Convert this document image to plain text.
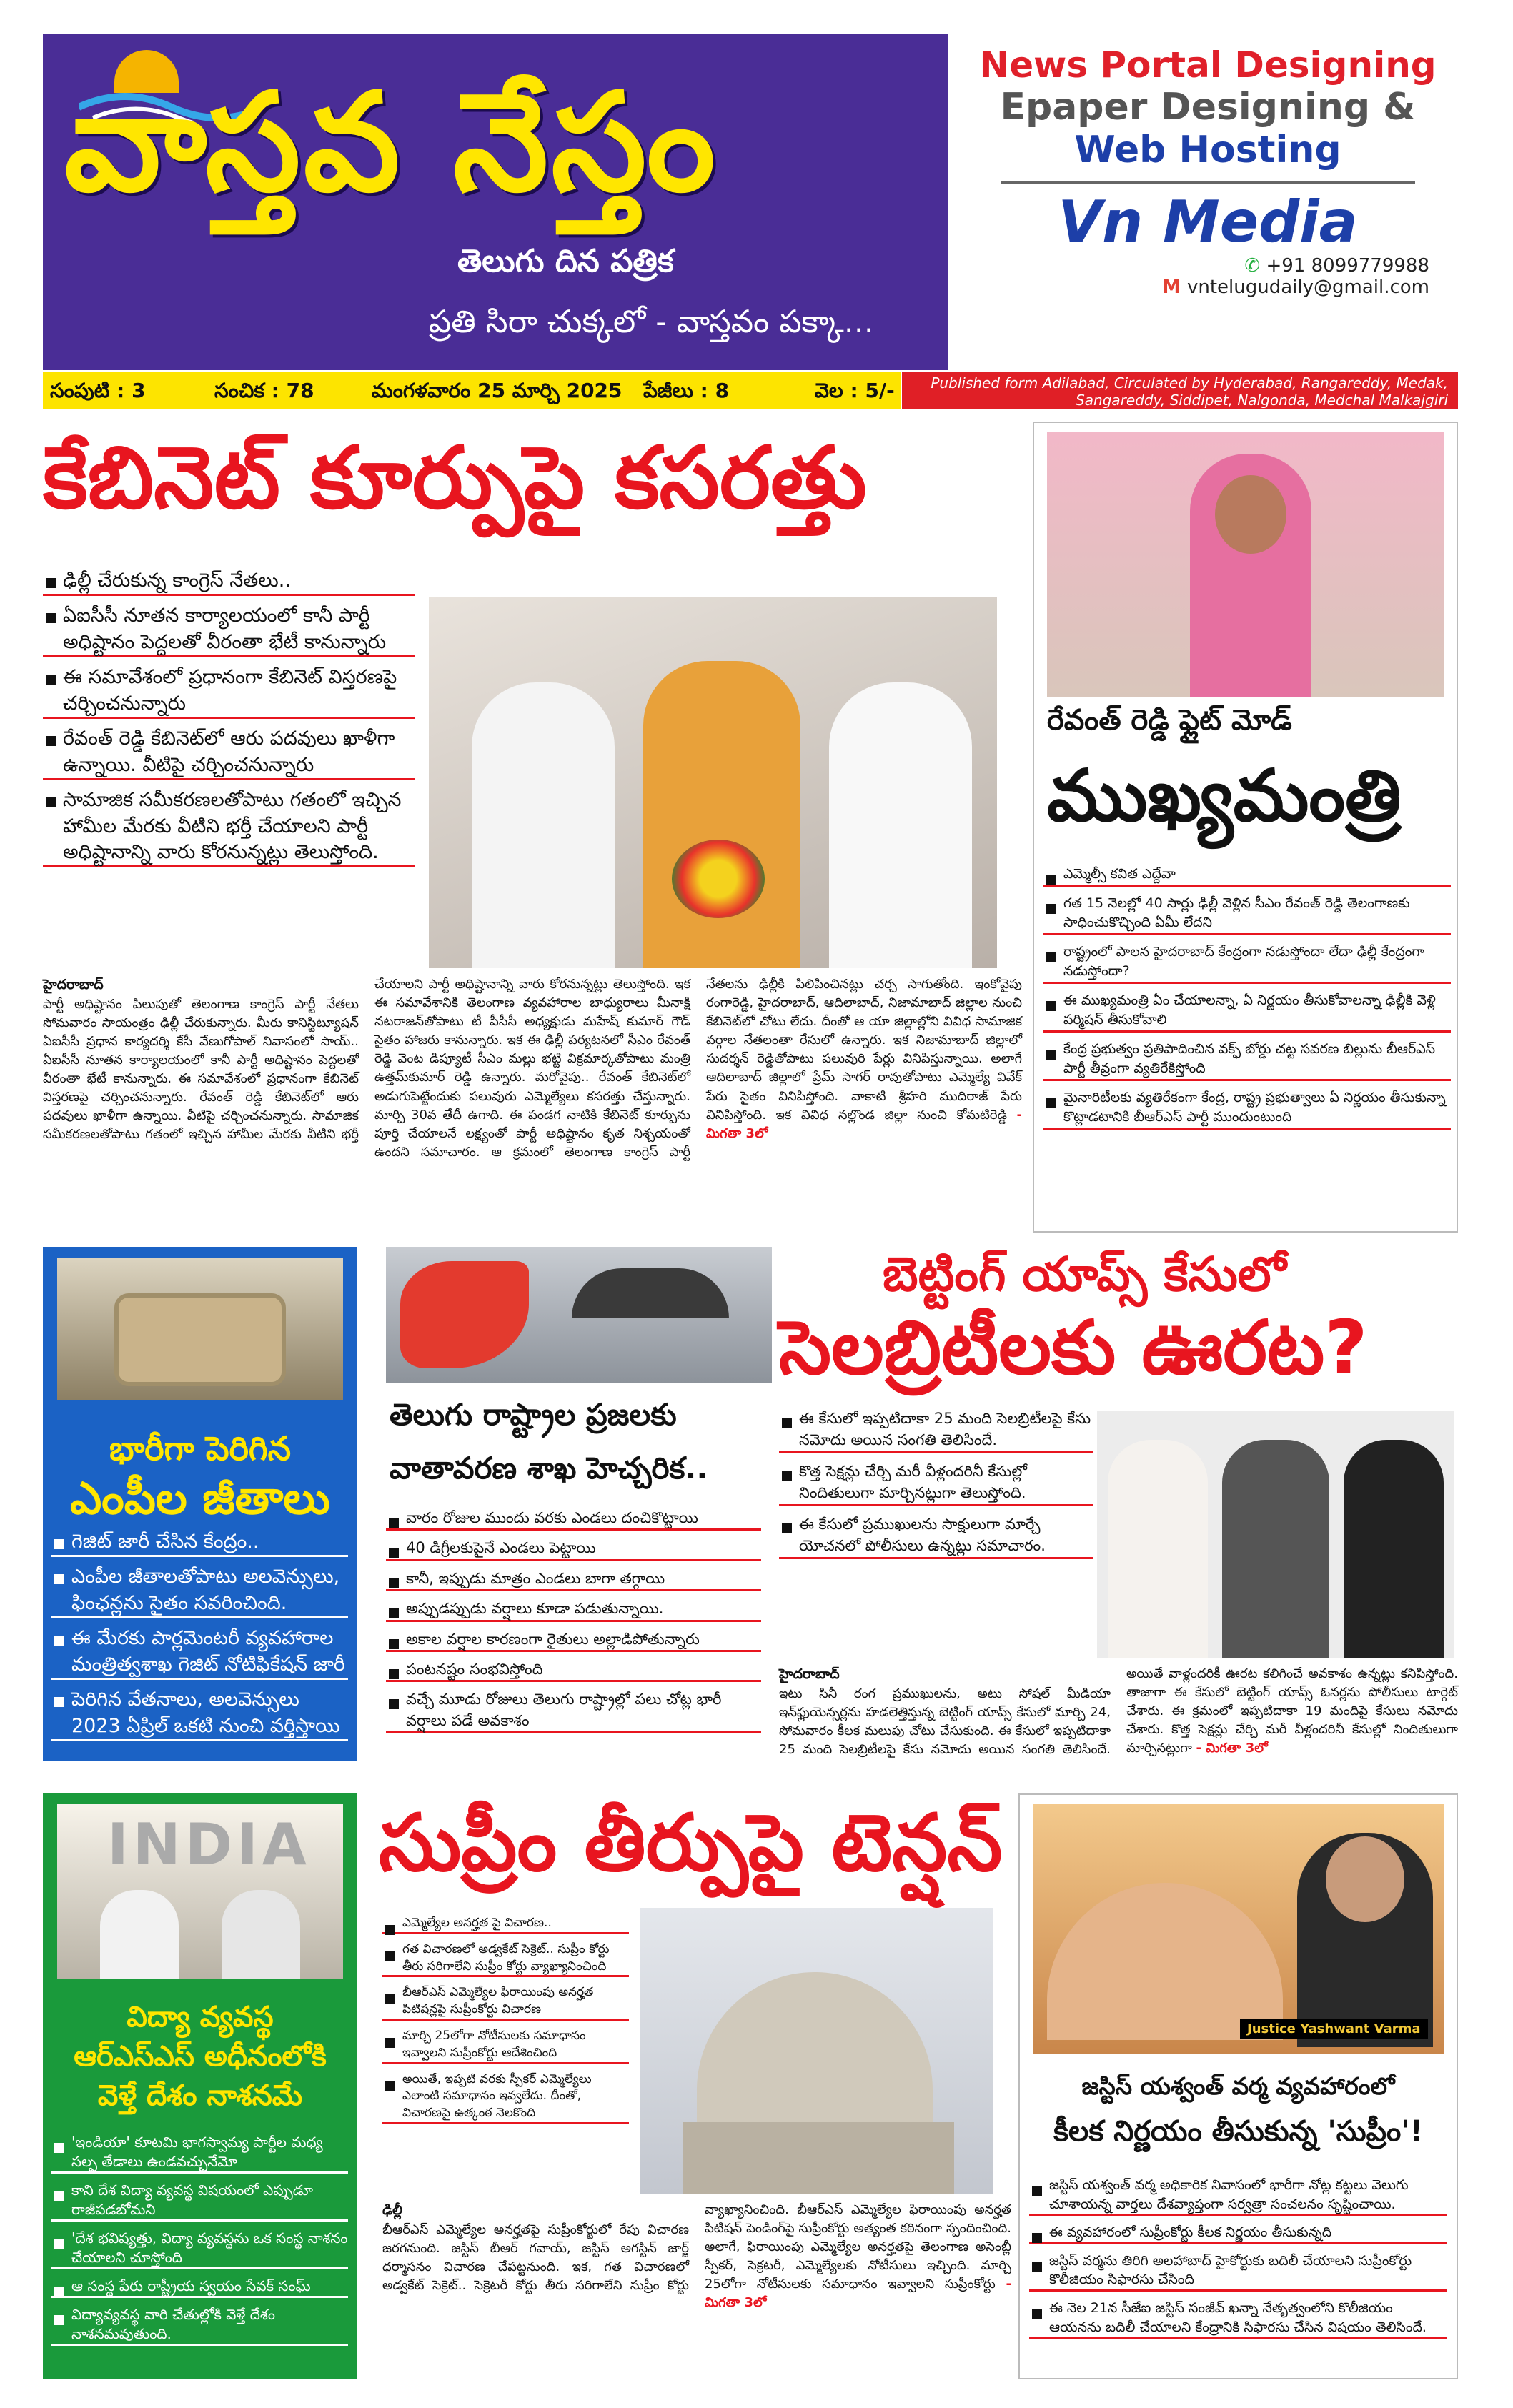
వాస్తవ నేస్తం
తెలుగు దిన పత్రిక
ప్రతి సిరా చుక్కలో - వాస్తవం పక్కా...
News Portal Designing
Epaper Designing &
Web Hosting
Vn Media
✆ +91 8099779988
M vntelugudaily@gmail.com
సంపుటి : 3	సంచిక : 78	మంగళవారం 25 మార్చి 2025 పేజీలు : 8	వెల : 5/-	Published form Adilabad, Circulated by Hyderabad, Rangareddy, Medak, Sangareddy, Siddipet, Nalgonda, Medchal Malkajgiri
కేబినెట్ కూర్పుపై కసరత్తు
ఢిల్లీ చేరుకున్న కాంగ్రెస్ నేతలు..
ఏఐసీసీ నూతన కార్యాలయంలో కానీ పార్టీ అధిష్టానం పెద్దలతో వీరంతా భేటీ కానున్నారు
ఈ సమావేశంలో ప్రధానంగా కేబినెట్ విస్తరణపై చర్చించనున్నారు
రేవంత్ రెడ్డి కేబినెట్‌లో ఆరు పదవులు ఖాళీగా ఉన్నాయి. వీటిపై చర్చించనున్నారు
సామాజిక సమీకరణలతోపాటు గతంలో ఇచ్చిన హామీల మేరకు వీటిని భర్తీ చేయాలని పార్టీ అధిష్టానాన్ని వారు కోరనున్నట్లు తెలుస్తోంది.
హైదరాబాద్
పార్టీ అధిష్టానం పిలుపుతో తెలంగాణ కాంగ్రెస్ పార్టీ నేతలు సోమవారం సాయంత్రం ఢిల్లీ చేరుకున్నారు. మీరు కానిస్టిట్యూషన్ ఏఐసీసీ ప్రధాన కార్యదర్శి కేసీ వేణుగోపాల్ నివాసంలో సాయ్.. ఏఐసీసీ నూతన కార్యాలయంలో కానీ పార్టీ అధిష్టానం పెద్దలతో వీరంతా భేటీ కానున్నారు. ఈ సమావేశంలో ప్రధానంగా కేబినెట్ విస్తరణపై చర్చించనున్నారు. రేవంత్ రెడ్డి కేబినెట్‌లో ఆరు పదవులు ఖాళీగా ఉన్నాయి. వీటిపై చర్చించనున్నారు. సామాజిక సమీకరణలతోపాటు గతంలో ఇచ్చిన హామీల మేరకు వీటిని భర్తీ చేయాలని పార్టీ అధిష్టానాన్ని వారు కోరనున్నట్లు తెలుస్తోంది. ఇక ఈ సమావేశానికి తెలంగాణ వ్యవహారాల బాధ్యురాలు మీనాక్షి నటరాజన్‌తోపాటు టీ పీసీసీ అధ్యక్షుడు మహేష్ కుమార్ గౌడ్ సైతం హాజరు కానున్నారు. ఇక ఈ ఢిల్లీ పర్యటనలో సీఎం రేవంత్ రెడ్డి వెంట డిప్యూటీ సీఎం మల్లు భట్టి విక్రమార్కతోపాటు మంత్రి ఉత్తమ్‌కుమార్ రెడ్డి ఉన్నారు. మరోవైపు.. రేవంత్ కేబినెట్‌లో అడుగుపెట్టేందుకు పలువురు ఎమ్మెల్యేలు కసరత్తు చేస్తున్నారు. మార్చి 30వ తేదీ ఉగాది. ఈ పండగ నాటికి కేబినెట్ కూర్పును పూర్తి చేయాలనే లక్ష్యంతో పార్టీ అధిష్టానం కృత నిశ్చయంతో ఉందని సమాచారం. ఆ క్రమంలో తెలంగాణ కాంగ్రెస్ పార్టీ నేతలను ఢిల్లీకి పిలిపించినట్లు చర్చ సాగుతోంది. ఇంకోవైపు రంగారెడ్డి, హైదరాబాద్, ఆదిలాబాద్, నిజామాబాద్ జిల్లాల నుంచి కేబినెట్‌లో చోటు లేదు. దీంతో ఆ యా జిల్లాల్లోని వివిధ సామాజిక వర్గాల నేతలంతా రేసులో ఉన్నారు. ఇక నిజామాబాద్ జిల్లాలో సుదర్శన్ రెడ్డితోపాటు పలువురి పేర్లు వినిపిస్తున్నాయి. అలాగే ఆదిలాబాద్ జిల్లాలో ప్రేమ్ సాగర్ రావుతోపాటు ఎమ్మెల్యే వివేక్ పేరు సైతం వినిపిస్తోంది. వాకాటి శ్రీహరి ముదిరాజ్ పేరు వినిపిస్తోంది. ఇక వివిధ నల్లొండ జిల్లా నుంచి కోమటిరెడ్డి - మిగతా 3లో
రేవంత్ రెడ్డి ఫ్లైట్ మోడ్
ముఖ్యమంత్రి
ఎమ్మెల్సీ కవిత ఎద్దేవా
గత 15 నెలల్లో 40 సార్లు ఢిల్లీ వెళ్లిన సీఎం రేవంత్ రెడ్డి తెలంగాణకు సాధించుకొచ్చింది ఏమీ లేదని
రాష్ట్రంలో పాలన హైదరాబాద్ కేంద్రంగా నడుస్తోందా లేదా ఢిల్లీ కేంద్రంగా నడుస్తోందా?
ఈ ముఖ్యమంత్రి ఏం చేయాలన్నా, ఏ నిర్ణయం తీసుకోవాలన్నా ఢిల్లీకి వెళ్లి పర్మిషన్ తీసుకోవాలి
కేంద్ర ప్రభుత్వం ప్రతిపాదించిన వక్ఫ్ బోర్డు చట్ట సవరణ బిల్లును బీఆర్ఎస్ పార్టీ తీవ్రంగా వ్యతిరేకిస్తోంది
మైనారిటీలకు వ్యతిరేకంగా కేంద్ర, రాష్ట్ర ప్రభుత్వాలు ఏ నిర్ణయం తీసుకున్నా కొట్లాడటానికి బీఆర్ఎస్ పార్టీ ముందుంటుంది
భారీగా పెరిగిన
ఎంపీల జీతాలు
గెజిట్ జారీ చేసిన కేంద్రం..
ఎంపీల జీతాలతోపాటు అలవెన్సులు, ఫింఛన్లను సైతం సవరించింది.
ఈ మేరకు పార్లమెంటరీ వ్యవహారాల మంత్రిత్వశాఖ గెజిట్ నోటిఫికేషన్ జారీ
పెరిగిన వేతనాలు, అలవెన్సులు 2023 ఏప్రిల్ ఒకటి నుంచి వర్తిస్తాయి
తెలుగు రాష్ట్రాల ప్రజలకు
వాతావరణ శాఖ హెచ్చరిక..
వారం రోజుల ముందు వరకు ఎండలు దంచికొట్టాయి
40 డిగ్రీలకుపైనే ఎండలు పెట్టాయి
కానీ, ఇప్పుడు మాత్రం ఎండలు బాగా తగ్గాయి
అప్పుడప్పుడు వర్షాలు కూడా పడుతున్నాయి.
అకాల వర్షాల కారణంగా రైతులు అల్లాడిపోతున్నారు
పంటనష్టం సంభవిస్తోంది
వచ్చే మూడు రోజులు తెలుగు రాష్ట్రాల్లో పలు చోట్ల భారీ వర్షాలు పడే అవకాశం
బెట్టింగ్ యాప్స్ కేసులో
సెలబ్రిటీలకు ఊరట?
ఈ కేసులో ఇప్పటిదాకా 25 మంది సెలబ్రిటీలపై కేసు నమోదు అయిన సంగతి తెలిసిందే.
కొత్త సెక్షన్లు చేర్చి మరీ వీళ్లందరినీ కేసుల్లో నిందితులుగా మార్చినట్లుగా తెలుస్తోంది.
ఈ కేసులో ప్రముఖులను సాక్షులుగా మార్చే యోచనలో పోలీసులు ఉన్నట్లు సమాచారం.
హైదరాబాద్
ఇటు సినీ రంగ ప్రముఖులను, అటు సోషల్ మీడియా ఇన్‌ఫ్లుయెన్సర్లను హడలెత్తిస్తున్న బెట్టింగ్ యాప్స్ కేసులో మార్చి 24, సోమవారం కీలక మలుపు చోటు చేసుకుంది. ఈ కేసులో ఇప్పటిదాకా 25 మంది సెలబ్రిటీలపై కేసు నమోదు అయిన సంగతి తెలిసిందే. అయితే వాళ్లందరికీ ఊరట కలిగించే అవకాశం ఉన్నట్లు కనిపిస్తోంది. తాజాగా ఈ కేసులో బెట్టింగ్ యాప్స్ ఓనర్లను పోలీసులు టార్గెట్ చేశారు. ఈ క్రమంలో ఇప్పటిదాకా 19 మందిపై కేసులు నమోదు చేశారు. కొత్త సెక్షన్లు చేర్చి మరీ వీళ్లందరినీ కేసుల్లో నిందితులుగా మార్చినట్లుగా - మిగతా 3లో
INDIA
విద్యా వ్యవస్థ
ఆర్ఎస్ఎస్ అధీనంలోకి
వెళ్తే దేశం నాశనమే
'ఇండియా' కూటమి భాగస్వామ్య పార్టీల మధ్య సల్ప తేడాలు ఉండవచ్చునేమో
కాని దేశ విద్యా వ్యవస్థ విషయంలో ఎప్పుడూ రాజీపడబోమని
'దేశ భవిష్యత్తు, విద్యా వ్యవస్థను ఒక సంస్థ నాశనం చేయాలని చూస్తోంది
ఆ సంస్థ పేరు రాష్ట్రీయ స్వయం సేవక్ సంఘ్
విద్యావ్యవస్థ వారి చేతుల్లోకి వెళ్తే దేశం నాశనమవుతుంది.
సుప్రీం తీర్పుపై టెన్షన్
ఎమ్మెల్యేల అనర్హత పై విచారణ..
గత విచారణలో అడ్వకేట్ సెక్రెట్.. సుప్రీం కోర్టు తీరు సరిగాలేని సుప్రీం కోర్టు వ్యాఖ్యానించింది
బీఆర్ఎస్ ఎమ్మెల్యేల ఫిరాయింపు అనర్హత పిటిషన్లపై సుప్రీంకోర్టు విచారణ
మార్చి 25లోగా నోటీసులకు సమాధానం ఇవ్వాలని సుప్రీంకోర్టు ఆదేశించింది
అయితే, ఇప్పటి వరకు స్పీకర్ ఎమ్మెల్యేలు ఎలాంటి సమాధానం ఇవ్వలేదు. దీంతో, విచారణపై ఉత్కంఠ నెలకొంది
ఢిల్లీ
బీఆర్ఎస్ ఎమ్మెల్యేల అనర్హతపై సుప్రీంకోర్టులో రేపు విచారణ జరగనుంది. జస్టిస్ బీఆర్ గవాయ్, జస్టిస్ అగస్టిన్ జార్జ్ ధర్మాసనం విచారణ చేపట్టనుంది. ఇక, గత విచారణలో అడ్వకేట్ సెక్రెట్.. సెక్రెటరీ కోర్టు తీరు సరిగాలేని సుప్రీం కోర్టు వ్యాఖ్యానించింది. బీఆర్ఎస్ ఎమ్మెల్యేల ఫిరాయింపు అనర్హత పిటిషన్ పెండింగ్‌పై సుప్రీంకోర్టు అత్యంత కఠినంగా స్పందించింది. అలాగే, ఫిరాయింపు ఎమ్మెల్యేల అనర్హతపై తెలంగాణ అసెంబ్లీ స్పీకర్, సెక్రటరీ, ఎమ్మెల్యేలకు నోటీసులు ఇచ్చింది. మార్చి 25లోగా నోటీసులకు సమాధానం ఇవ్వాలని సుప్రీంకోర్టు - మిగతా 3లో
Justice Yashwant Varma
జస్టిస్ యశ్వంత్ వర్మ వ్యవహారంలో
కీలక నిర్ణయం తీసుకున్న 'సుప్రీం'!
జస్టిస్ యశ్వంత్ వర్మ అధికారిక నివాసంలో భారీగా నోట్ల కట్టలు వెలుగు చూశాయన్న వార్తలు దేశవ్యాప్తంగా సర్వత్రా సంచలనం సృష్టించాయి.
ఈ వ్యవహారంలో సుప్రీంకోర్టు కీలక నిర్ణయం తీసుకున్నది
జస్టిస్ వర్మను తిరిగి అలహాబాద్ హైకోర్టుకు బదిలీ చేయాలని సుప్రీంకోర్టు కొలీజియం సిఫారసు చేసింది
ఈ నెల 21న సీజేఐ జస్టిస్ సంజీవ్ ఖన్నా నేతృత్వంలోని కొలీజియం ఆయనను బదిలీ చేయాలని కేంద్రానికి సిఫారసు చేసిన విషయం తెలిసిందే.
